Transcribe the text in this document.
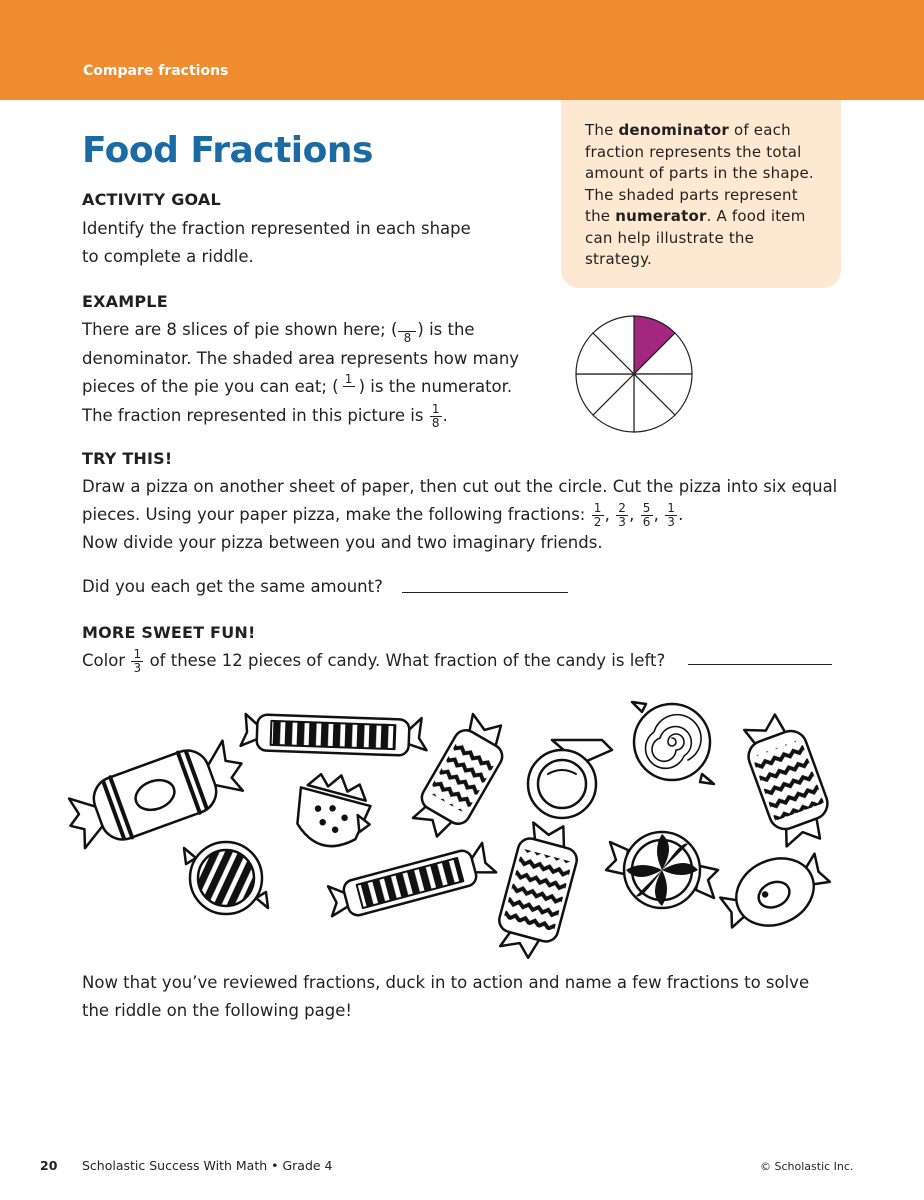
Compare fractions
Food Fractions	The denominator of each fraction represents the total amount of parts in the shape. The shaded parts represent the numerator. A food item can help illustrate the strategy.
ACTIVITY GOAL
Identify the fraction represented in each shape
to complete a riddle.
EXAMPLE
There are 8 slices of pie shown here; ( 8 ) is the
denominator. The shaded area represents how many
pieces of the pie you can eat; ( 1 ) is the numerator.
The fraction represented in this picture is $\frac{1}{8}$ .
TRY THIS!
Draw a pizza on another sheet of paper, then cut out the circle. Cut the pizza into six equal
pieces. Using your paper pizza, make the following fractions: $\frac{1}{2}$ , $\frac{2}{3}$ , $\frac{5}{6}$ , $\frac{1}{3}$ .
Now divide your pizza between you and two imaginary friends.
Did you each get the same amount?
MORE SWEET FUN!
Color $\frac{1}{3}$ of these 12 pieces of candy. What fraction of the candy is left?
Now that you’ve reviewed fractions, duck in to action and name a few fractions to solve
the riddle on the following page!
20 Scholastic Success With Math • Grade 4	© Scholastic Inc.
